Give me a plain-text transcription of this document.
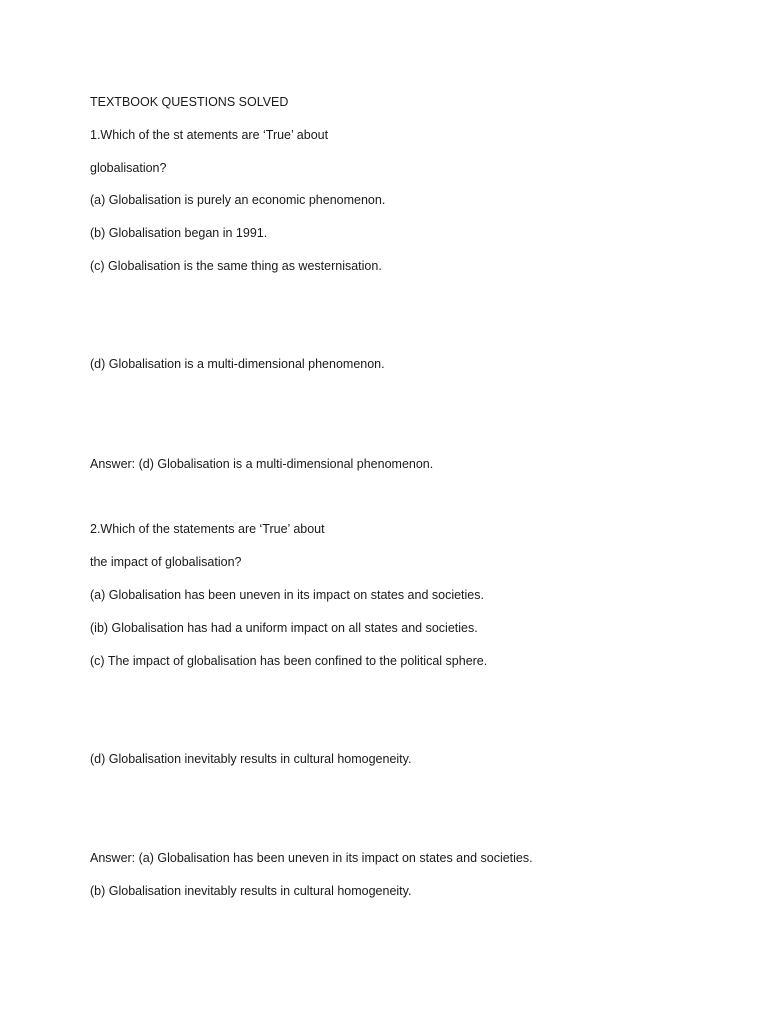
TEXTBOOK QUESTIONS SOLVED
1.Which of the st atements are ‘True’ about
globalisation?
(a) Globalisation is purely an economic phenomenon.
(b) Globalisation began in 1991.
(c) Globalisation is the same thing as westernisation.
(d) Globalisation is a multi-dimensional phenomenon.
Answer: (d) Globalisation is a multi-dimensional phenomenon.
2.Which of the statements are ‘True’ about
the impact of globalisation?
(a) Globalisation has been uneven in its impact on states and societies.
(ib) Globalisation has had a uniform impact on all states and societies.
(c) The impact of globalisation has been confined to the political sphere.
(d) Globalisation inevitably results in cultural homogeneity.
Answer: (a) Globalisation has been uneven in its impact on states and societies.
(b) Globalisation inevitably results in cultural homogeneity.
